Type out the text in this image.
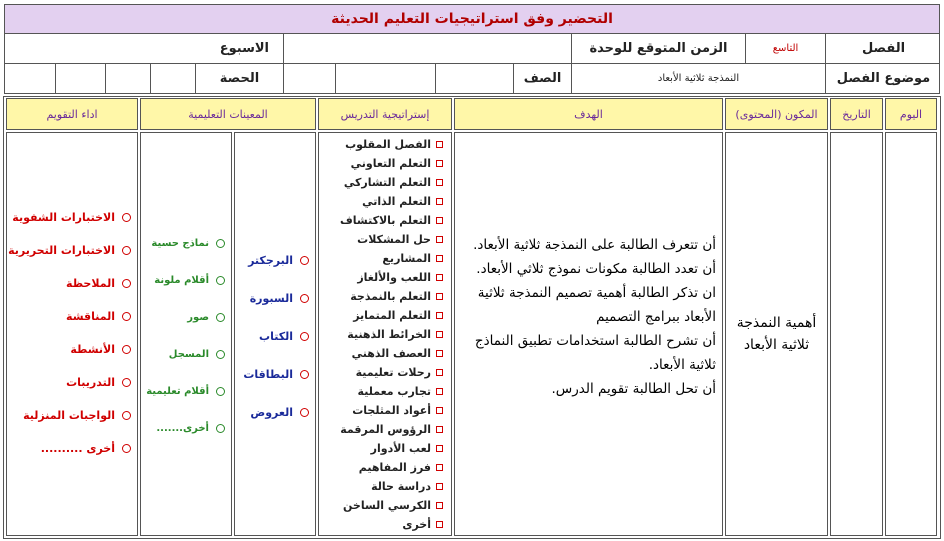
التحضير وفق استراتيجيات التعليم الحديثة
الفصل
التاسع
الزمن المتوقع للوحدة
الاسبوع
موضوع الفصل
النمذجة ثلاثية الأبعاد
الصف
الحصة
اليوم
التاريخ
المكون (المحتوى)
الهدف
إستراتيجية التدريس
المعينات التعليمية
اداء التقويم
أهمية النمذجة ثلاثية الأبعاد
أن تتعرف الطالبة على النمذجة ثلاثية الأبعاد.
أن تعدد الطالبة مكونات نموذج ثلاثي الأبعاد.
ان تذكر الطالبة أهمية تصميم النمذجة ثلاثية الأبعاد ببرامج التصميم
أن تشرح الطالبة استخدامات تطبيق النماذج ثلاثية الأبعاد.
أن تحل الطالبة تقويم الدرس.
الفصل المقلوب
التعلم التعاوني
التعلم التشاركي
التعلم الذاتي
التعلم بالاكتشاف
حل المشكلات
المشاريع
اللعب والألغاز
التعلم بالنمذجة
التعلم المتمايز
الخرائط الذهنية
العصف الذهني
رحلات تعليمية
تجارب معملية
أعواد المثلجات
الرؤوس المرقمة
لعب الأدوار
فرز المفاهيم
دراسة حالة
الكرسي الساخن
أخرى
نماذج حسية
أقلام ملونة
صور
المسجل
أقلام تعليمية
أخرى.......
البرجكتر
السبورة
الكتاب
البطاقات
العروض
الاختبارات الشفوية
الاختبارات التحريرية
الملاحظة
المناقشة
الأنشطة
التدريبات
الواجبات المنزلية
أخرى ..........
